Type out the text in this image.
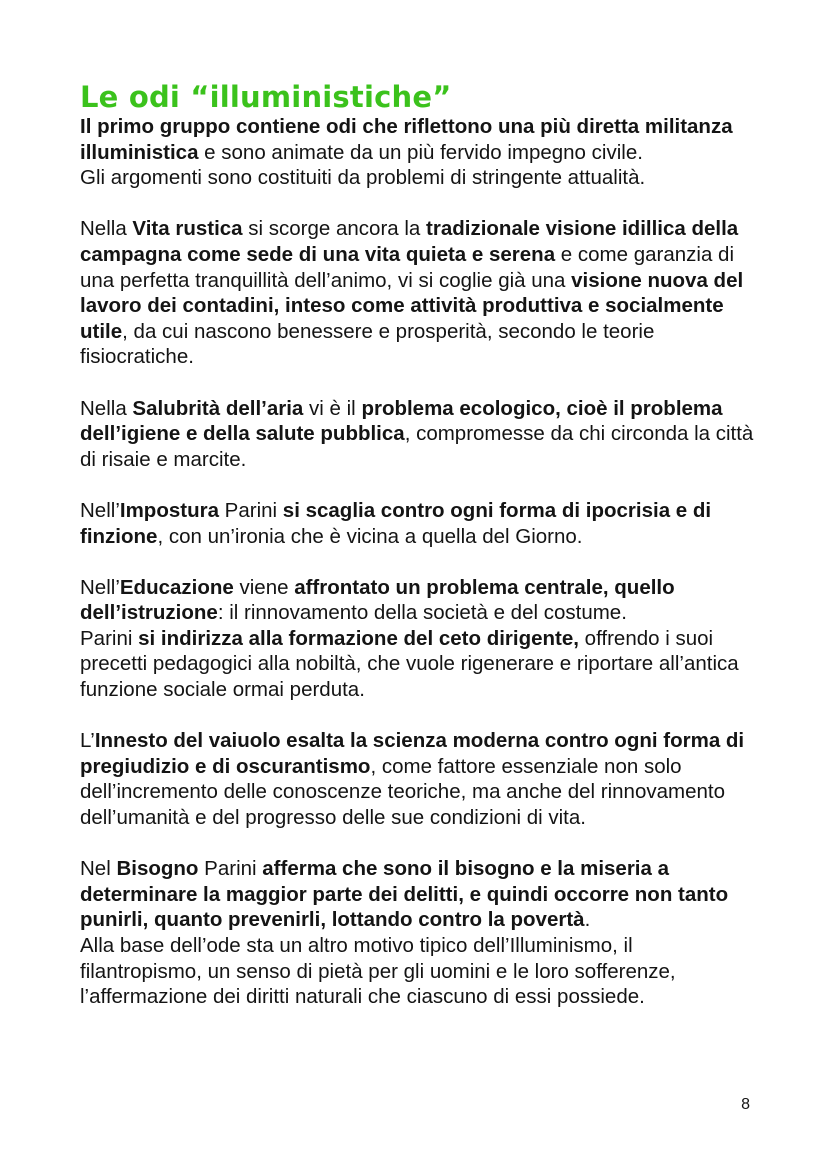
Le odi “illuministiche”

Il primo gruppo contiene odi che riflettono una più diretta militanza illuministica e sono animate da un più fervido impegno civile.
Gli argomenti sono costituiti da problemi di stringente attualità.

Nella Vita rustica si scorge ancora la tradizionale visione idillica della campagna come sede di una vita quieta e serena e come garanzia di una perfetta tranquillità dell’animo, vi si coglie già una visione nuova del lavoro dei contadini, inteso come attività produttiva e socialmente utile, da cui nascono benessere e prosperità, secondo le teorie fisiocratiche.

Nella Salubrità dell’aria vi è il problema ecologico, cioè il problema dell’igiene e della salute pubblica, compromesse da chi circonda la città di risaie e marcite.

Nell’Impostura Parini si scaglia contro ogni forma di ipocrisia e di finzione, con un’ironia che è vicina a quella del Giorno.

Nell’Educazione viene affrontato un problema centrale, quello dell’istruzione: il rinnovamento della società e del costume.
Parini si indirizza alla formazione del ceto dirigente, offrendo i suoi precetti pedagogici alla nobiltà, che vuole rigenerare e riportare all’antica funzione sociale ormai perduta.

L’Innesto del vaiuolo esalta la scienza moderna contro ogni forma di pregiudizio e di oscurantismo, come fattore essenziale non solo dell’incremento delle conoscenze teoriche, ma anche del rinnovamento dell’umanità e del progresso delle sue condizioni di vita.

Nel Bisogno Parini afferma che sono il bisogno e la miseria a determinare la maggior parte dei delitti, e quindi occorre non tanto punirli, quanto prevenirli, lottando contro la povertà.
Alla base dell’ode sta un altro motivo tipico dell’Illuminismo, il filantropismo, un senso di pietà per gli uomini e le loro sofferenze, l’affermazione dei diritti naturali che ciascuno di essi possiede.

8
